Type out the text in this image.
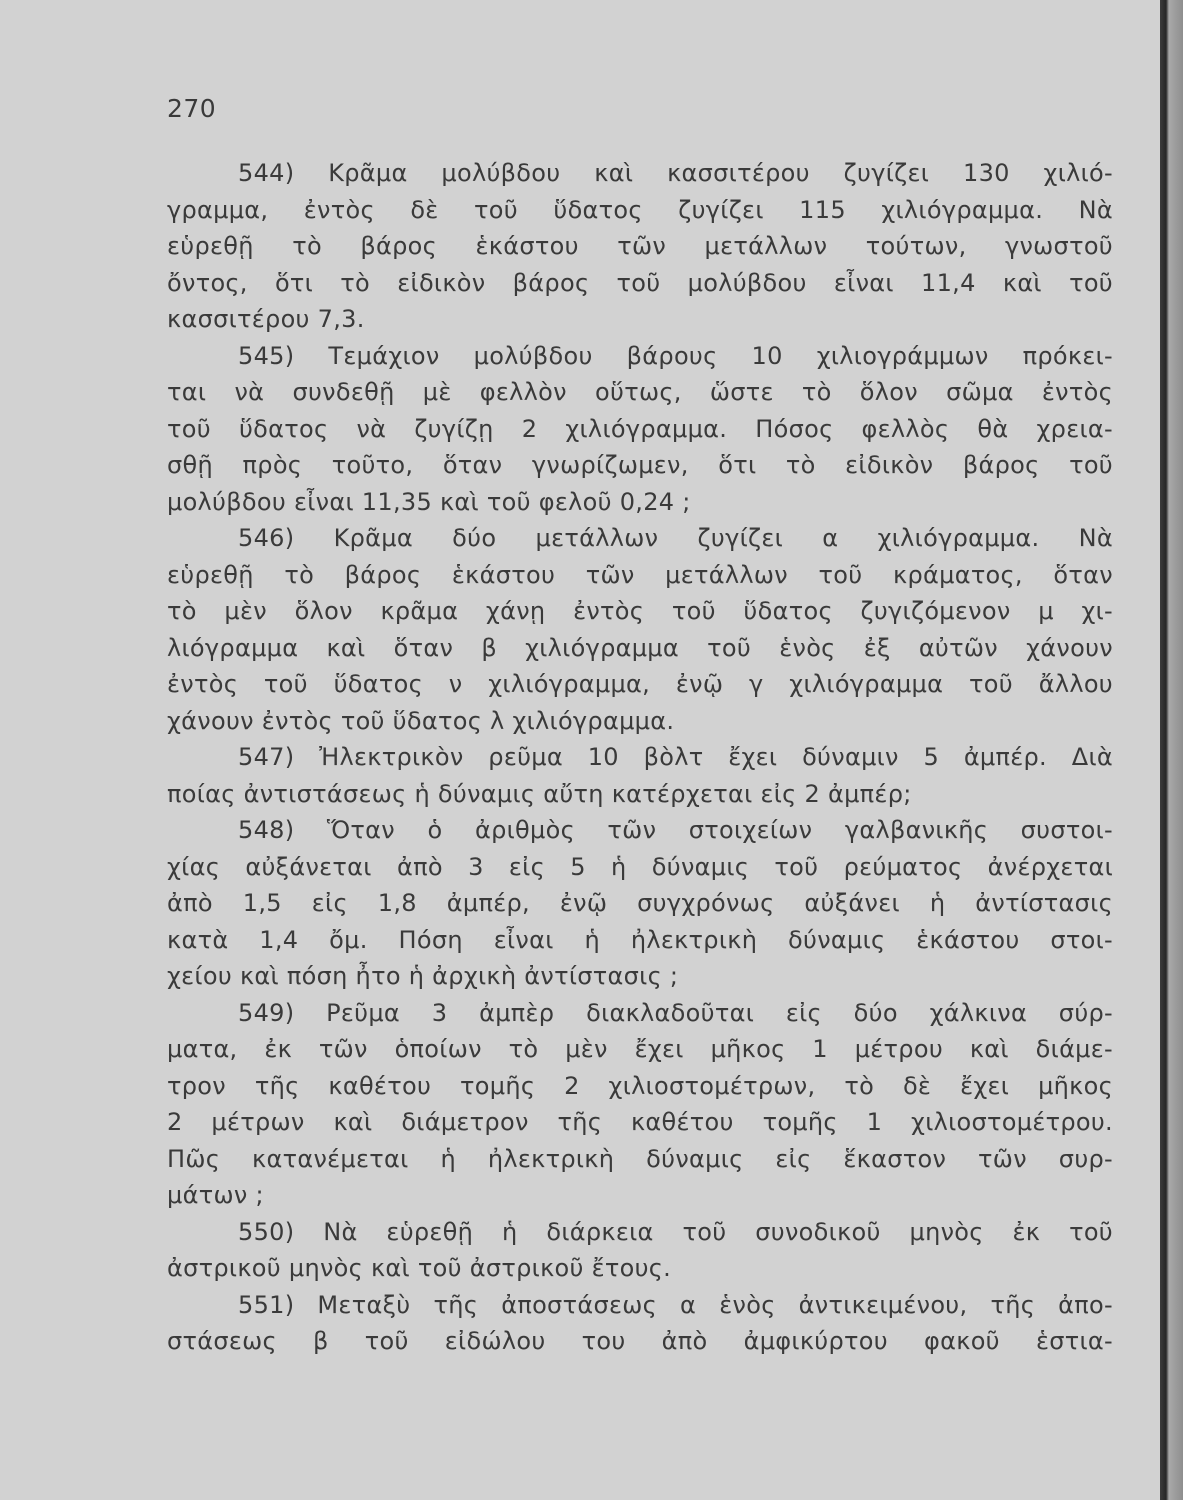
270
544) Κρᾶμα μολύβδου καὶ κασσιτέρου ζυγίζει 130 χιλιό-
γραμμα, ἐντὸς δὲ τοῦ ὕδατος ζυγίζει 115 χιλιόγραμμα. Νὰ
εὑρεθῇ τὸ βάρος ἑκάστου τῶν μετάλλων τούτων, γνωστοῦ
ὄντος, ὅτι τὸ εἰδικὸν βάρος τοῦ μολύβδου εἶναι 11,4 καὶ τοῦ
κασσιτέρου 7,3.
545) Τεμάχιον μολύβδου βάρους 10 χιλιογράμμων πρόκει-
ται νὰ συνδεθῇ μὲ φελλὸν οὕτως, ὥστε τὸ ὅλον σῶμα ἐντὸς
τοῦ ὕδατος νὰ ζυγίζῃ 2 χιλιόγραμμα. Πόσος φελλὸς θὰ χρεια-
σθῇ πρὸς τοῦτο, ὅταν γνωρίζωμεν, ὅτι τὸ εἰδικὸν βάρος τοῦ
μολύβδου εἶναι 11,35 καὶ τοῦ φελοῦ 0,24 ;
546) Κρᾶμα δύο μετάλλων ζυγίζει α χιλιόγραμμα. Νὰ
εὑρεθῇ τὸ βάρος ἑκάστου τῶν μετάλλων τοῦ κράματος, ὅταν
τὸ μὲν ὅλον κρᾶμα χάνῃ ἐντὸς τοῦ ὕδατος ζυγιζόμενον μ χι-
λιόγραμμα καὶ ὅταν β χιλιόγραμμα τοῦ ἑνὸς ἐξ αὐτῶν χάνουν
ἐντὸς τοῦ ὕδατος ν χιλιόγραμμα, ἐνῷ γ χιλιόγραμμα τοῦ ἄλλου
χάνουν ἐντὸς τοῦ ὕδατος λ χιλιόγραμμα.
547) Ἠλεκτρικὸν ρεῦμα 10 βὸλτ ἔχει δύναμιν 5 ἀμπέρ. Διὰ
ποίας ἀντιστάσεως ἡ δύναμις αὔτη κατέρχεται εἰς 2 ἀμπέρ;
548) Ὅταν ὁ ἀριθμὸς τῶν στοιχείων γαλβανικῆς συστοι-
χίας αὐξάνεται ἀπὸ 3 εἰς 5 ἡ δύναμις τοῦ ρεύματος ἀνέρχεται
ἀπὸ 1,5 εἰς 1,8 ἀμπέρ, ἐνῷ συγχρόνως αὐξάνει ἡ ἀντίστασις
κατὰ 1,4 ὄμ. Πόση εἶναι ἡ ἠλεκτρικὴ δύναμις ἑκάστου στοι-
χείου καὶ πόση ἦτο ἡ ἀρχικὴ ἀντίστασις ;
549) Ρεῦμα 3 ἀμπὲρ διακλαδοῦται εἰς δύο χάλκινα σύρ-
ματα, ἐκ τῶν ὁποίων τὸ μὲν ἔχει μῆκος 1 μέτρου καὶ διάμε-
τρον τῆς καθέτου τομῆς 2 χιλιοστομέτρων, τὸ δὲ ἔχει μῆκος
2 μέτρων καὶ διάμετρον τῆς καθέτου τομῆς 1 χιλιοστομέτρου.
Πῶς κατανέμεται ἡ ἠλεκτρικὴ δύναμις εἰς ἕκαστον τῶν συρ-
μάτων ;
550) Νὰ εὑρεθῇ ἡ διάρκεια τοῦ συνοδικοῦ μηνὸς ἐκ τοῦ
ἀστρικοῦ μηνὸς καὶ τοῦ ἀστρικοῦ ἔτους.
551) Μεταξὺ τῆς ἀποστάσεως α ἑνὸς ἀντικειμένου, τῆς ἀπο-
στάσεως β τοῦ εἰδώλου του ἀπὸ ἀμφικύρτου φακοῦ ἑστια-
